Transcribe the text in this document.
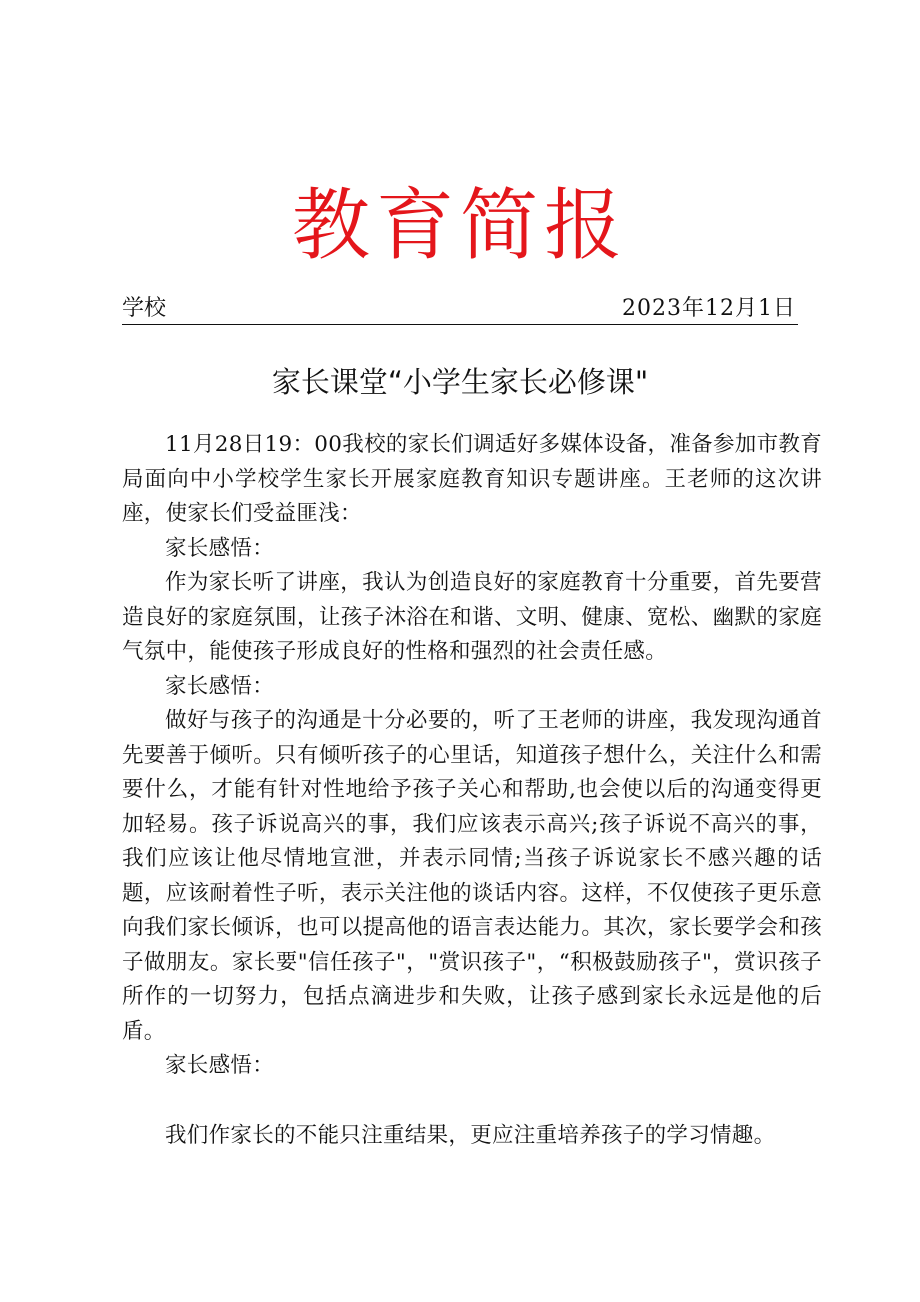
教育简报
学校	2023年12月1日
家长课堂“小学生家长必修课"

11月28日19：00我校的家长们调适好多媒体设备，准备参加市教育局面向中小学校学生家长开展家庭教育知识专题讲座。王老师的这次讲座，使家长们受益匪浅：

家长感悟：

作为家长听了讲座，我认为创造良好的家庭教育十分重要，首先要营造良好的家庭氛围，让孩子沐浴在和谐、文明、健康、宽松、幽默的家庭气氛中，能使孩子形成良好的性格和强烈的社会责任感。

家长感悟：

做好与孩子的沟通是十分必要的，听了王老师的讲座，我发现沟通首先要善于倾听。只有倾听孩子的心里话，知道孩子想什么，关注什么和需要什么，才能有针对性地给予孩子关心和帮助,也会使以后的沟通变得更加轻易。孩子诉说高兴的事，我们应该表示高兴;孩子诉说不高兴的事，我们应该让他尽情地宣泄，并表示同情;当孩子诉说家长不感兴趣的话题，应该耐着性子听，表示关注他的谈话内容。这样，不仅使孩子更乐意向我们家长倾诉，也可以提高他的语言表达能力。其次，家长要学会和孩子做朋友。家长要"信任孩子"，"赏识孩子"，“积极鼓励孩子"，赏识孩子所作的一切努力，包括点滴进步和失败，让孩子感到家长永远是他的后盾。

家长感悟：

我们作家长的不能只注重结果，更应注重培养孩子的学习情趣。
